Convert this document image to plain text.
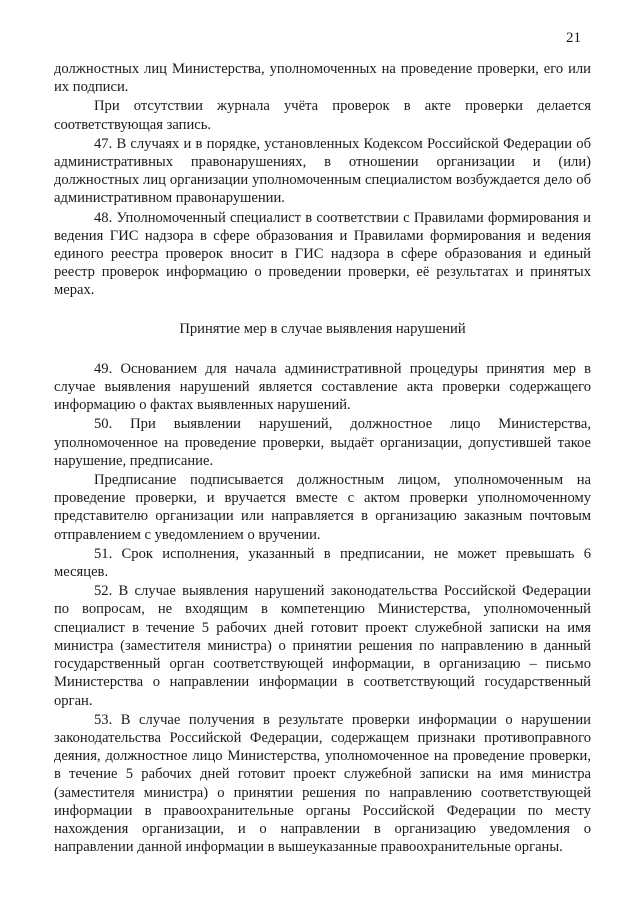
21

должностных лиц Министерства, уполномоченных на проведение проверки, его или их подписи.

При отсутствии журнала учёта проверок в акте проверки делается соответствующая запись.

47. В случаях и в порядке, установленных Кодексом Российской Федерации об административных правонарушениях, в отношении организации и (или) должностных лиц организации уполномоченным специалистом возбуждается дело об административном правонарушении.

48. Уполномоченный специалист в соответствии с Правилами формирования и ведения ГИС надзора в сфере образования и Правилами формирования и ведения единого реестра проверок вносит в ГИС надзора в сфере образования и единый реестр проверок информацию о проведении проверки, её результатах и принятых мерах.

Принятие мер в случае выявления нарушений

49. Основанием для начала административной процедуры принятия мер в случае выявления нарушений является составление акта проверки содержащего информацию о фактах выявленных нарушений.

50. При выявлении нарушений, должностное лицо Министерства, уполномоченное на проведение проверки, выдаёт организации, допустившей такое нарушение, предписание.

Предписание подписывается должностным лицом, уполномоченным на проведение проверки, и вручается вместе с актом проверки уполномоченному представителю организации или направляется в организацию заказным почтовым отправлением с уведомлением о вручении.

51. Срок исполнения, указанный в предписании, не может превышать 6 месяцев.

52. В случае выявления нарушений законодательства Российской Федерации по вопросам, не входящим в компетенцию Министерства, уполномоченный специалист в течение 5 рабочих дней готовит проект служебной записки на имя министра (заместителя министра) о принятии решения по направлению в данный государственный орган соответствующей информации, в организацию – письмо Министерства о направлении информации в соответствующий государственный орган.

53. В случае получения в результате проверки информации о нарушении законодательства Российской Федерации, содержащем признаки противоправного деяния, должностное лицо Министерства, уполномоченное на проведение проверки, в течение 5 рабочих дней готовит проект служебной записки на имя министра (заместителя министра) о принятии решения по направлению соответствующей информации в правоохранительные органы Российской Федерации по месту нахождения организации, и о направлении в организацию уведомления о направлении данной информации в вышеуказанные правоохранительные органы.
